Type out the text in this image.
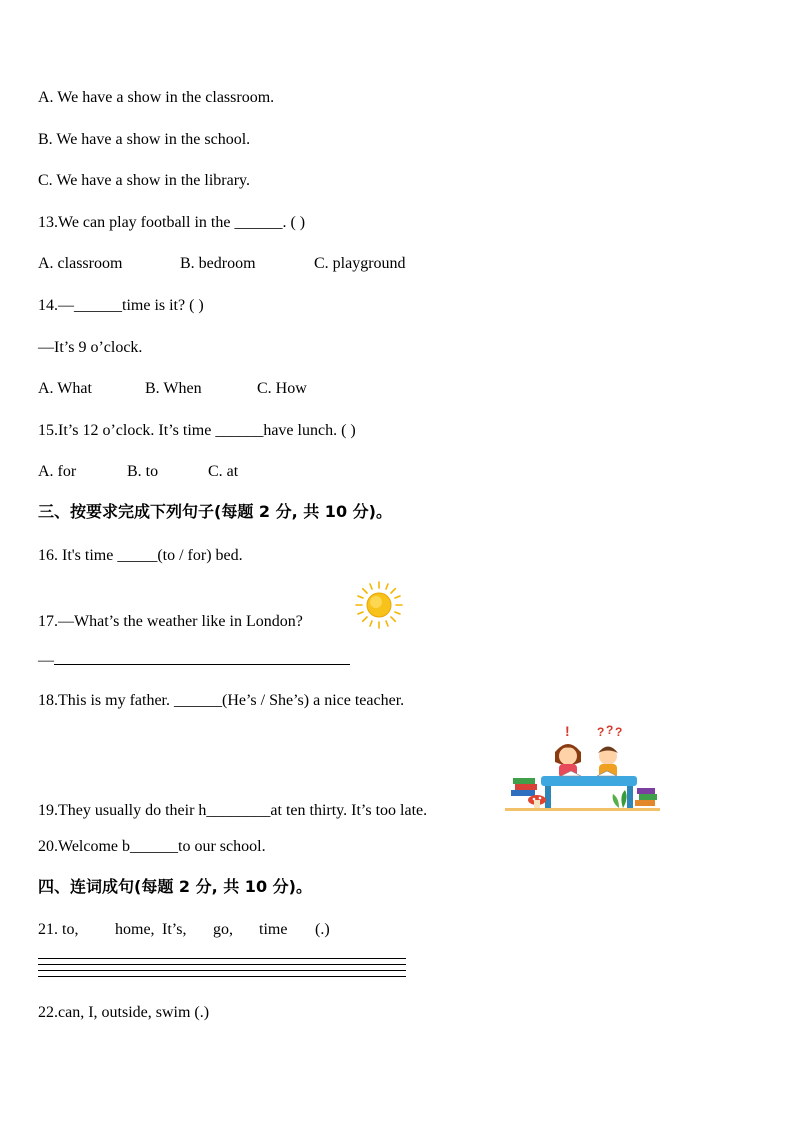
A. We have a show in the classroom.
B. We have a show in the school.
C. We have a show in the library.
13.We can play football in the ______. ( )
A. classroom	B. bedroom	C. playground
14.—______time is it? ( )
—It’s 9 o’clock.
A. What	B. When	C. How
15.It’s 12 o’clock. It’s time ______have lunch. ( )
A. for	B. to	C. at
三、按要求完成下列句子(每题 2 分, 共 10 分)。
16. It's time _____(to / for) bed.
17.—What’s the weather like in London?
—
18.This is my father. ______(He’s / She’s) a nice teacher.
! ? ? ?
19.They usually do their h________at ten thirty. It’s too late.
20.Welcome b______to our school.
四、连词成句(每题 2 分, 共 10 分)。
21. to, home, It’s, go, time (.)
22.can, I, outside, swim (.)
